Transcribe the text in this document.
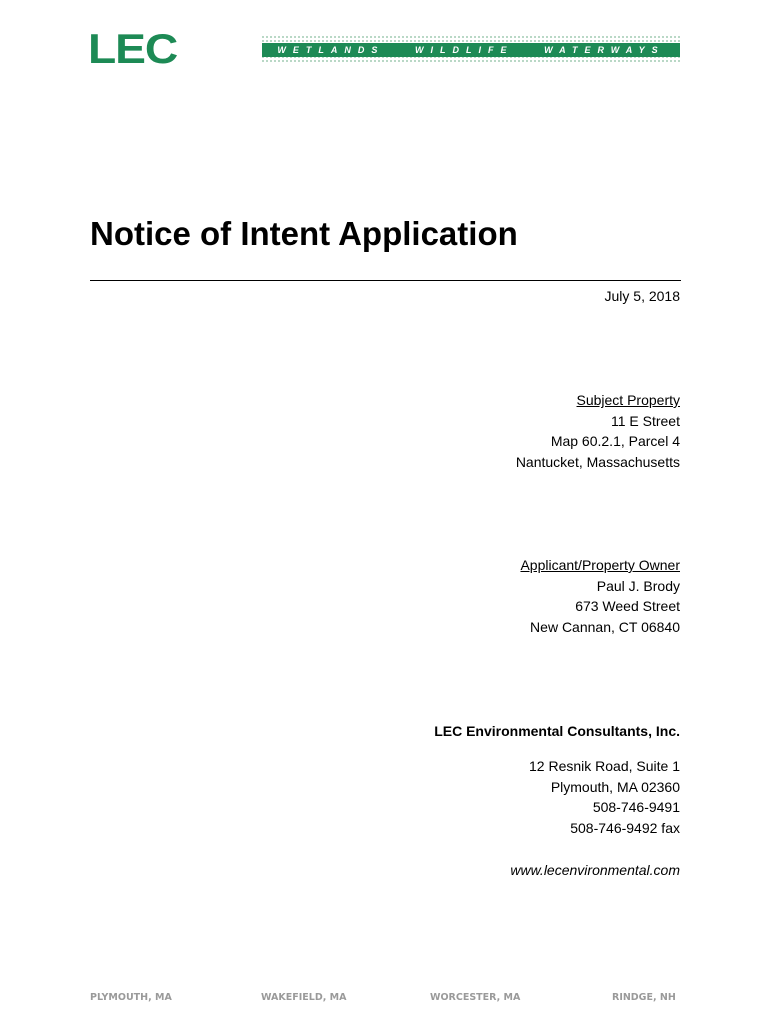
LEC	WETLANDS	WILDLIFE	WATERWAYS
Notice of Intent Application
July 5, 2018
Subject Property
11 E Street
Map 60.2.1, Parcel 4
Nantucket, Massachusetts
Applicant/Property Owner
Paul J. Brody
673 Weed Street
New Cannan, CT 06840
LEC Environmental Consultants, Inc.
12 Resnik Road, Suite 1
Plymouth, MA 02360
508-746-9491
508-746-9492 fax
www.lecenvironmental.com
PLYMOUTH, MA	WAKEFIELD, MA	WORCESTER, MA	RINDGE, NH
